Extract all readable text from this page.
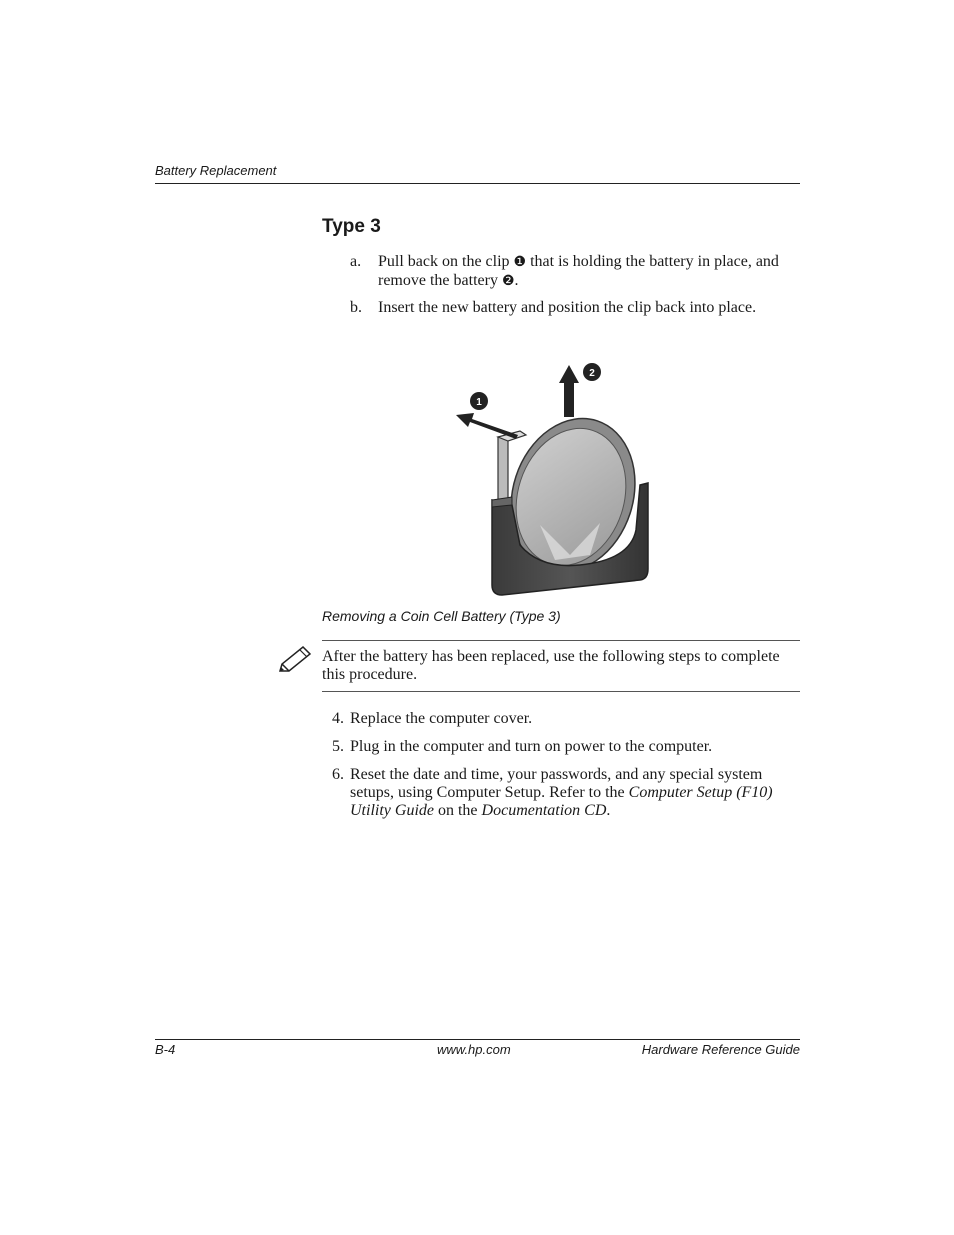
Battery Replacement
Type 3
a. Pull back on the clip ❶ that is holding the battery in place, and remove the battery ❷.
b. Insert the new battery and position the clip back into place.
1
2
Removing a Coin Cell Battery (Type 3)
After the battery has been replaced, use the following steps to complete this procedure.
4. Replace the computer cover.
5. Plug in the computer and turn on power to the computer.
6. Reset the date and time, your passwords, and any special system setups, using Computer Setup. Refer to the Computer Setup (F10) Utility Guide on the Documentation CD.
B-4	www.hp.com	Hardware Reference Guide
